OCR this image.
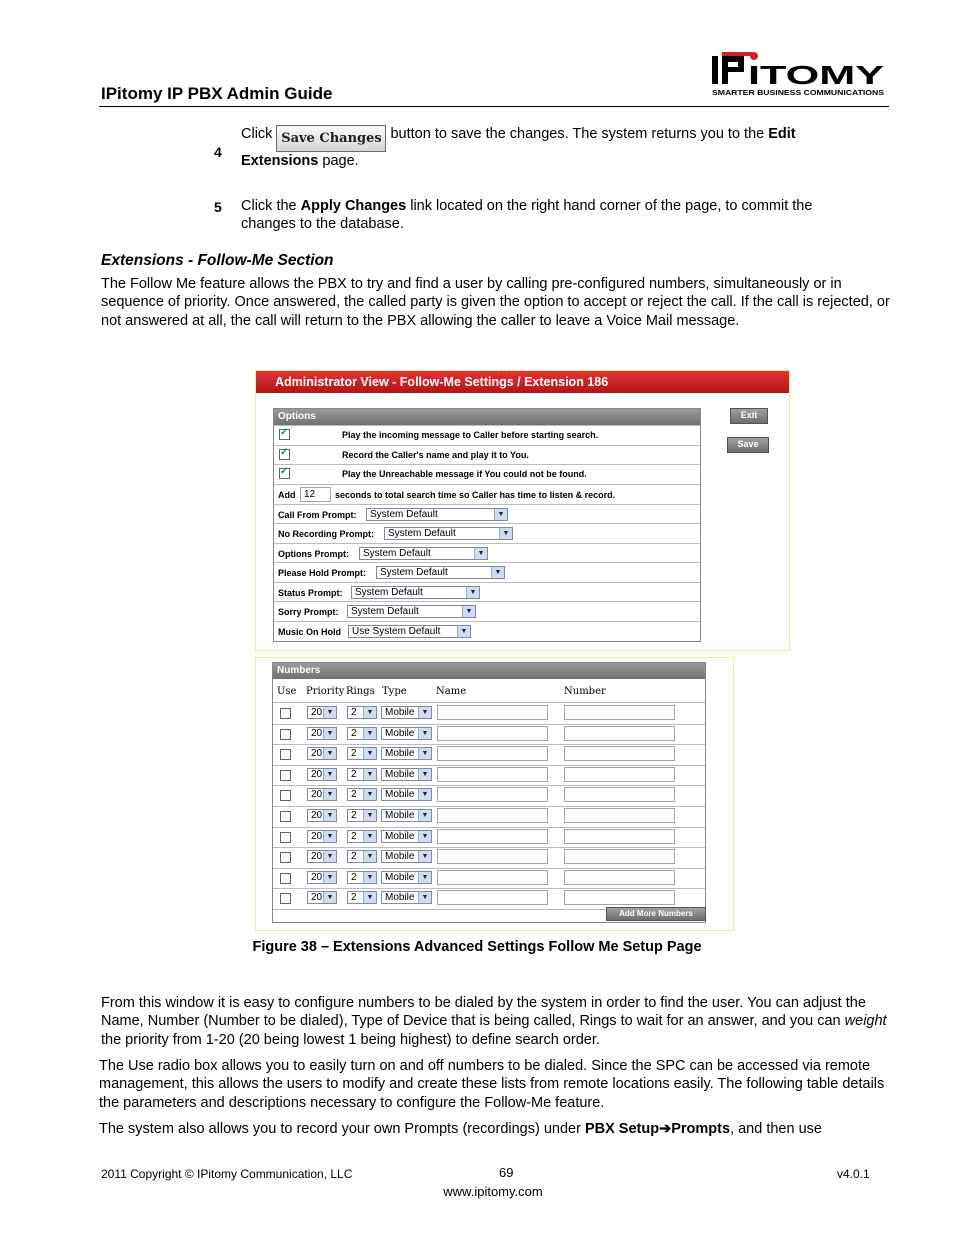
IPitomy IP PBX Admin Guide
ITOMY
SMARTER BUSINESS COMMUNICATIONS
4
Click Save Changes button to save the changes. The system returns you to the Edit Extensions page.
5 Click the Apply Changes link located on the right hand corner of the page, to commit the changes to the database.
Extensions - Follow-Me Section
The Follow Me feature allows the PBX to try and find a user by calling pre-configured numbers, simultaneously or in sequence of priority. Once answered, the called party is given the option to accept or reject the call. If the call is rejected, or not answered at all, the call will return to the PBX allowing the caller to leave a Voice Mail message.
Administrator View - Follow-Me Settings / Extension 186
Options
✓
Play the incoming message to Caller before starting search.
✓
Record the Caller's name and play it to You.
✓
Play the Unreachable message if You could not be found.
Add 12	seconds to total search time so Caller has time to listen & record.
Call From Prompt:	System Default	▼
No Recording Prompt:	System Default	▼
Options Prompt:	System Default	▼
Please Hold Prompt:	System Default	▼
Status Prompt:	System Default	▼
Sorry Prompt:	System Default	▼
Music On Hold	Use System Default	▼
Exit
Save
Numbers
Use Priority Rings Type	Name	Number
20 ▼	2	▼	Mobile	▼
20 ▼	2	▼	Mobile	▼
20 ▼	2	▼	Mobile	▼
20 ▼	2	▼	Mobile	▼
20 ▼	2	▼	Mobile	▼
20 ▼	2	▼	Mobile	▼
20 ▼	2	▼	Mobile	▼
20 ▼	2	▼	Mobile	▼
20 ▼	2	▼	Mobile	▼
20 ▼	2	▼	Mobile	▼
Add More Numbers
Figure 38 – Extensions Advanced Settings Follow Me Setup Page
From this window it is easy to configure numbers to be dialed by the system in order to find the user. You can adjust the Name, Number (Number to be dialed), Type of Device that is being called, Rings to wait for an answer, and you can weight the priority from 1-20 (20 being lowest 1 being highest) to define search order.
The Use radio box allows you to easily turn on and off numbers to be dialed. Since the SPC can be accessed via remote management, this allows the users to modify and create these lists from remote locations easily. The following table details the parameters and descriptions necessary to configure the Follow-Me feature.
The system also allows you to record your own Prompts (recordings) under PBX Setup➔Prompts, and then use
2011 Copyright © IPitomy Communication, LLC	69	v4.0.1
www.ipitomy.com
